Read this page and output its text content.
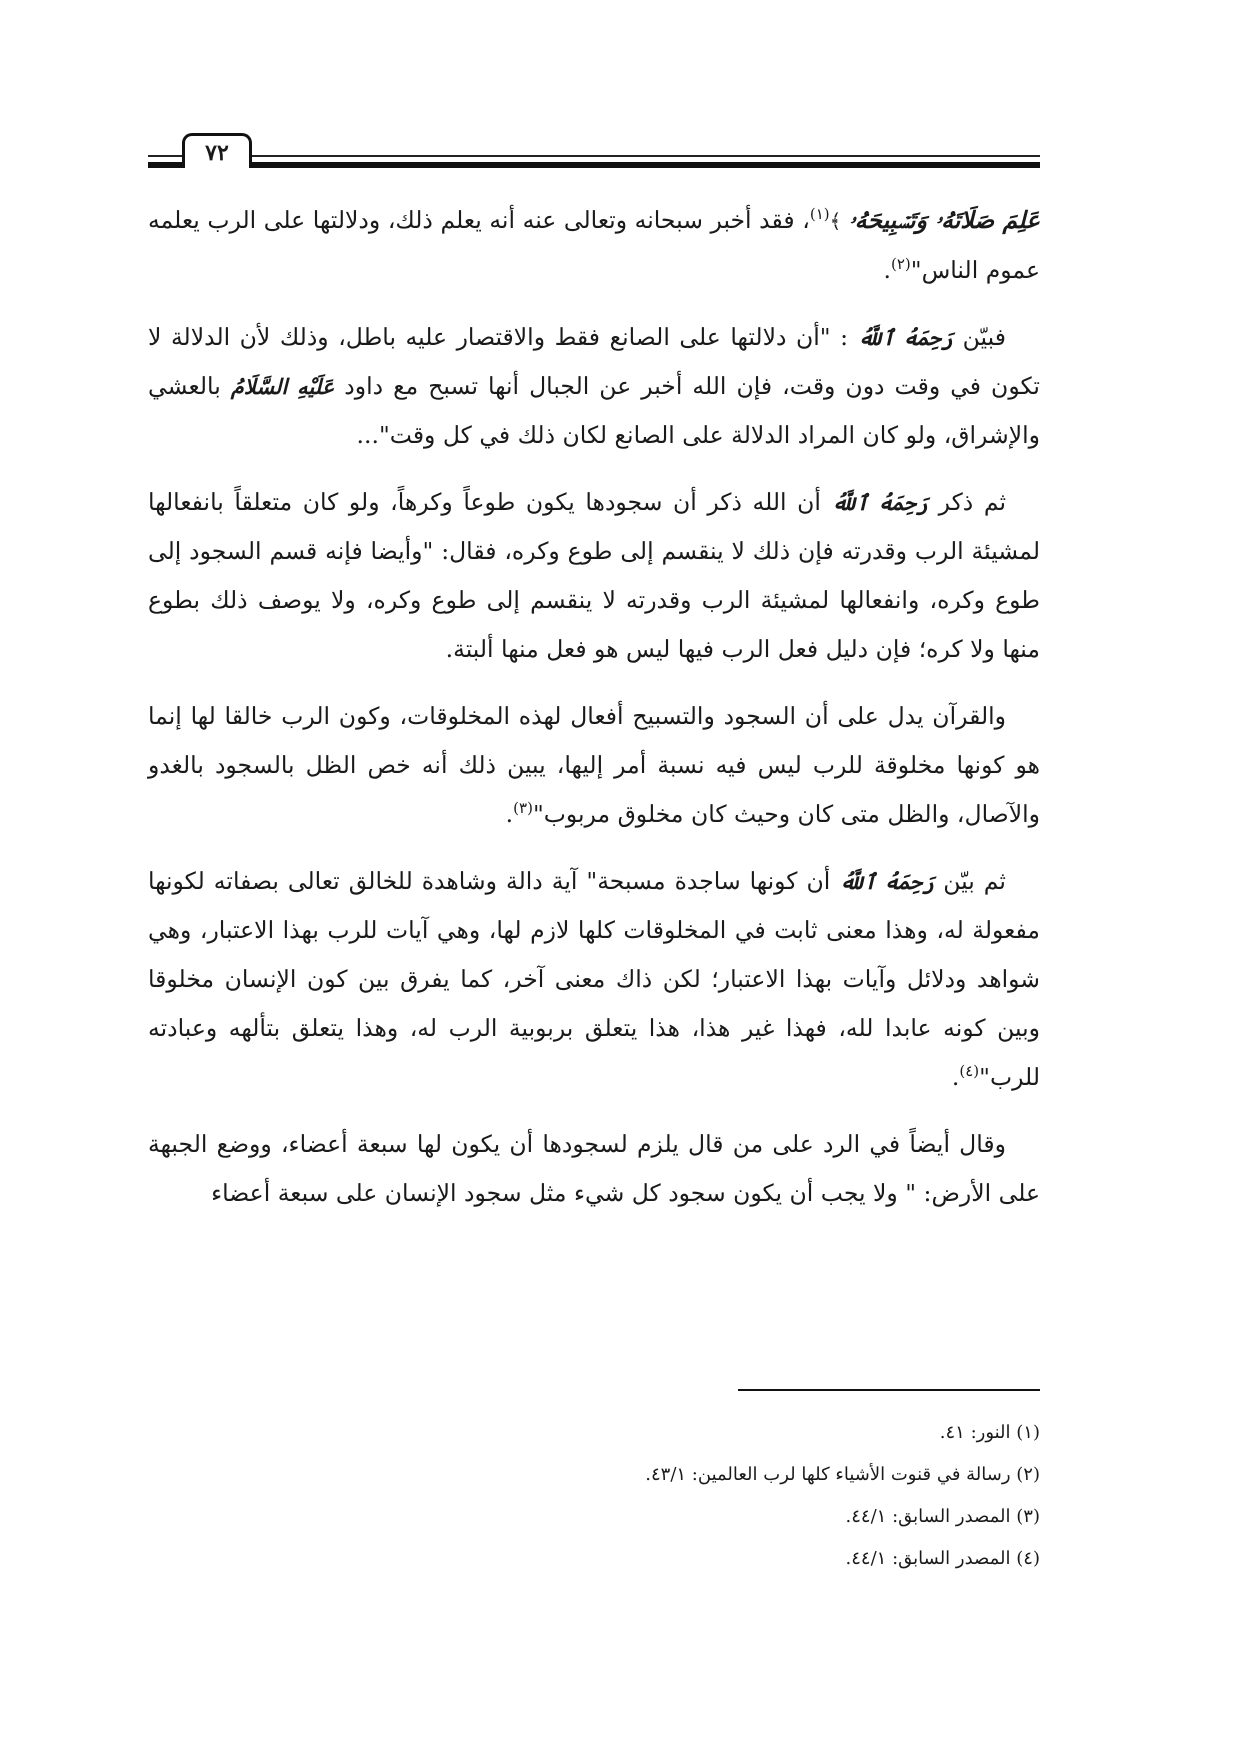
٧٢

عَلِمَ صَلَاتَهُۥ وَتَسۡبِيحَهُۥ ﴾$^{(١)}$، فقد أخبر سبحانه وتعالى عنه أنه يعلم ذلك، ودلالتها على الرب يعلمه عموم الناس"$^{(٢)}$.

فبيّن رَحِمَهُ ٱللَّهُ : "أن دلالتها على الصانع فقط والاقتصار عليه باطل، وذلك لأن الدلالة لا تكون في وقت دون وقت، فإن الله أخبر عن الجبال أنها تسبح مع داود عَلَيْهِ السَّلَامُ بالعشي والإشراق، ولو كان المراد الدلالة على الصانع لكان ذلك في كل وقت"...

ثم ذكر رَحِمَهُ ٱللَّهُ أن الله ذكر أن سجودها يكون طوعاً وكرهاً، ولو كان متعلقاً بانفعالها لمشيئة الرب وقدرته فإن ذلك لا ينقسم إلى طوع وكره، فقال: "وأيضا فإنه قسم السجود إلى طوع وكره، وانفعالها لمشيئة الرب وقدرته لا ينقسم إلى طوع وكره، ولا يوصف ذلك بطوع منها ولا كره؛ فإن دليل فعل الرب فيها ليس هو فعل منها ألبتة.

والقرآن يدل على أن السجود والتسبيح أفعال لهذه المخلوقات، وكون الرب خالقا لها إنما هو كونها مخلوقة للرب ليس فيه نسبة أمر إليها، يبين ذلك أنه خص الظل بالسجود بالغدو والآصال، والظل متى كان وحيث كان مخلوق مربوب"$^{(٣)}$.

ثم بيّن رَحِمَهُ ٱللَّهُ أن كونها ساجدة مسبحة" آية دالة وشاهدة للخالق تعالى بصفاته لكونها مفعولة له، وهذا معنى ثابت في المخلوقات كلها لازم لها، وهي آيات للرب بهذا الاعتبار، وهي شواهد ودلائل وآيات بهذا الاعتبار؛ لكن ذاك معنى آخر، كما يفرق بين كون الإنسان مخلوقا وبين كونه عابدا لله، فهذا غير هذا، هذا يتعلق بربوبية الرب له، وهذا يتعلق بتألهه وعبادته للرب"$^{(٤)}$.

وقال أيضاً في الرد على من قال يلزم لسجودها أن يكون لها سبعة أعضاء، ووضع الجبهة على الأرض: " ولا يجب أن يكون سجود كل شيء مثل سجود الإنسان على سبعة أعضاء

(١) النور: ٤١.
(٢) رسالة في قنوت الأشياء كلها لرب العالمين: ٤٣/١.
(٣) المصدر السابق: ٤٤/١.
(٤) المصدر السابق: ٤٤/١.
